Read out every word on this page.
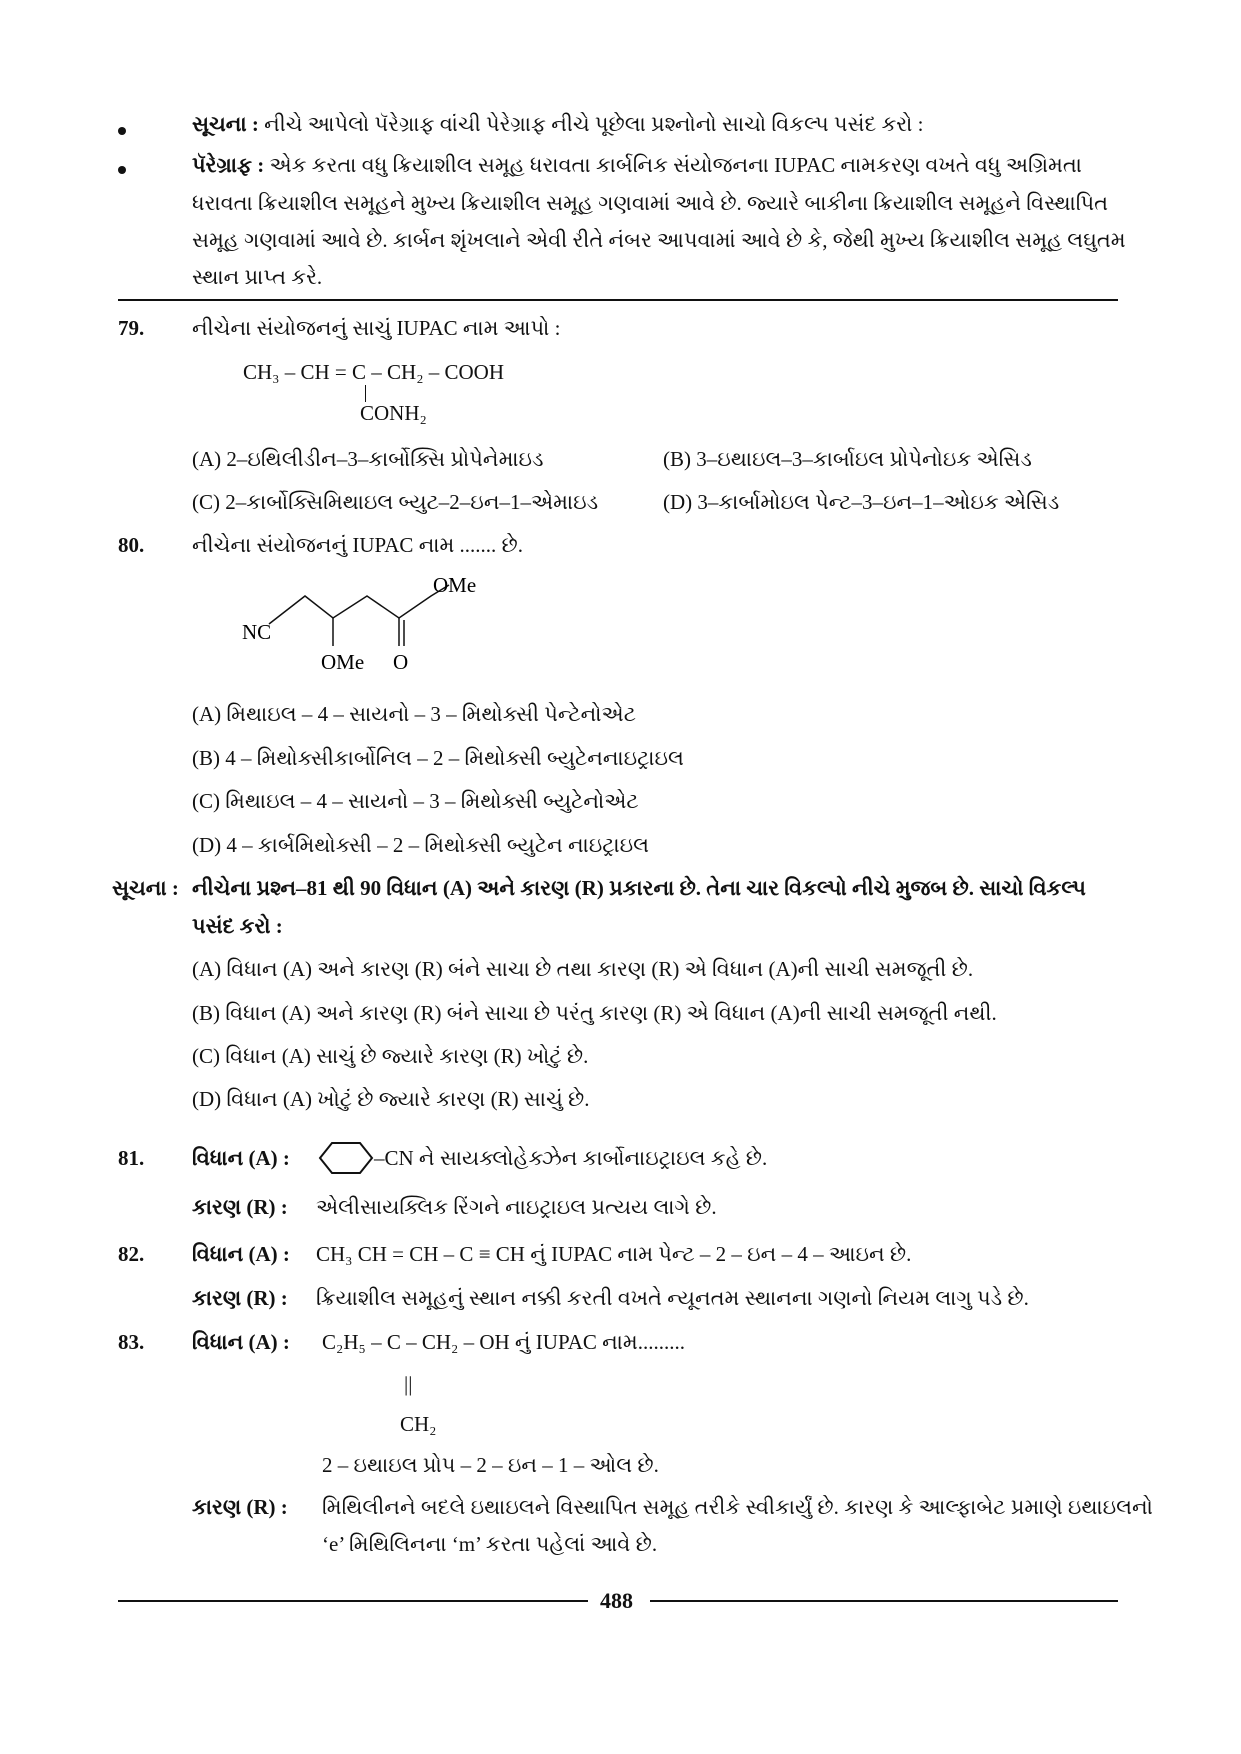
સૂચના : નીચે આપેલો પૅરેગ્રાફ વાંચી પેરેગ્રાફ નીચે પૂછેલા પ્રશ્નોનો સાચો વિકલ્પ પસંદ કરો :
પૅરેગ્રાફ : એક કરતા વધુ ક્રિયાશીલ સમૂહ ધરાવતા કાર્બનિક સંયોજનના IUPAC નામકરણ વખતે વધુ અગ્રિમતા
ધરાવતા ક્રિયાશીલ સમૂહને મુખ્ય ક્રિયાશીલ સમૂહ ગણવામાં આવે છે. જ્યારે બાકીના ક્રિયાશીલ સમૂહને વિસ્થાપિત
સમૂહ ગણવામાં આવે છે. કાર્બન શૃંખલાને એવી રીતે નંબર આપવામાં આવે છે કે, જેથી મુખ્ય ક્રિયાશીલ સમૂહ લઘુતમ
સ્થાન પ્રાપ્ત કરે.
79. નીચેના સંયોજનનું સાચું IUPAC નામ આપો :
CH₃ – CH = C – CH₂ – COOH
CONH₂
(A) 2–ઇથિલીડીન–3–કાર્બોક્સિ પ્રોપેનેમાઇડ	(B) 3–ઇથાઇલ–3–કાર્બાઇલ પ્રોપેનોઇક એસિડ
(C) 2–કાર્બોક્સિમિથાઇલ બ્યુટ–2–ઇન–1–એમાઇડ	(D) 3–કાર્બામોઇલ પેન્ટ–3–ઇન–1–ઓઇક એસિડ
80. નીચેના સંયોજનનું IUPAC નામ ....... છે.
NC
OMe
OMe O
(A) મિથાઇલ – 4 – સાયનો – 3 – મિથોક્સી પેન્ટેનોએટ
(B) 4 – મિથોક્સીકાર્બોનિલ – 2 – મિથોક્સી બ્યુટેનનાઇટ્રાઇલ
(C) મિથાઇલ – 4 – સાયનો – 3 – મિથોક્સી બ્યુટેનોએટ
(D) 4 – કાર્બમિથોક્સી – 2 – મિથોક્સી બ્યુટેન નાઇટ્રાઇલ
સૂચના : નીચેના પ્રશ્ન–81 થી 90 વિધાન (A) અને કારણ (R) પ્રકારના છે. તેના ચાર વિકલ્પો નીચે મુજબ છે. સાચો વિકલ્પ
પસંદ કરો :
(A) વિધાન (A) અને કારણ (R) બંને સાચા છે તથા કારણ (R) એ વિધાન (A)ની સાચી સમજૂતી છે.
(B) વિધાન (A) અને કારણ (R) બંને સાચા છે પરંતુ કારણ (R) એ વિધાન (A)ની સાચી સમજૂતી નથી.
(C) વિધાન (A) સાચું છે જ્યારે કારણ (R) ખોટું છે.
(D) વિધાન (A) ખોટું છે જ્યારે કારણ (R) સાચું છે.
81. વિધાન (A) :	–CN ને સાયક્લોહેક્ઝેન કાર્બોનાઇટ્રાઇલ કહે છે.
કારણ (R) : એલીસાયક્લિક રિંગને નાઇટ્રાઇલ પ્રત્યય લાગે છે.
82. વિધાન (A) : CH₃ CH = CH – C ≡ CH નું IUPAC નામ પેન્ટ – 2 – ઇન – 4 – આઇન છે.
કારણ (R) : ક્રિયાશીલ સમૂહનું સ્થાન નક્કી કરતી વખતે ન્યૂનતમ સ્થાનના ગણનો નિયમ લાગુ પડે છે.
83. વિધાન (A) : C₂H₅ – C – CH₂ – OH નું IUPAC નામ.........
||
CH₂
2 – ઇથાઇલ પ્રોપ – 2 – ઇન – 1 – ઓલ છે.
કારણ (R) : મિથિલીનને બદલે ઇથાઇલને વિસ્થાપિત સમૂહ તરીકે સ્વીકાર્યું છે. કારણ કે આલ્ફાબેટ પ્રમાણે ઇથાઇલનો
‘e’ મિથિલિનના ‘m’ કરતા પહેલાં આવે છે.
488
